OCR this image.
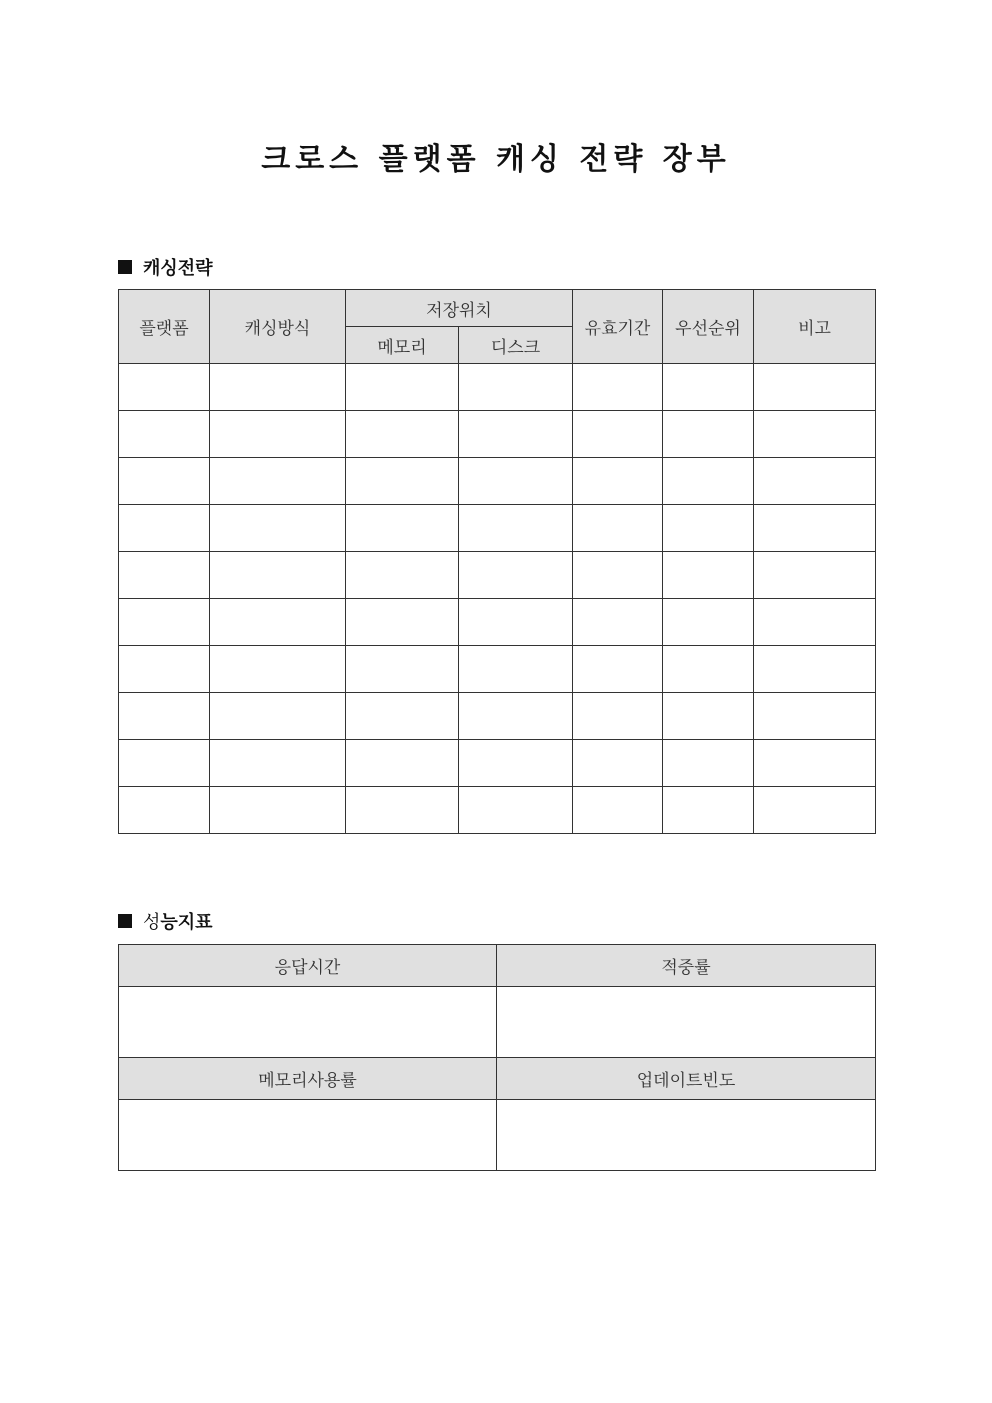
크로스 플랫폼 캐싱 전략 장부
캐싱전략
플랫폼	캐싱방식	저장위치		유효기간	우선순위	비고
		메모리	디스크			

성 능지표
응답시간	적중률

메모리사용률	업데이트빈도
